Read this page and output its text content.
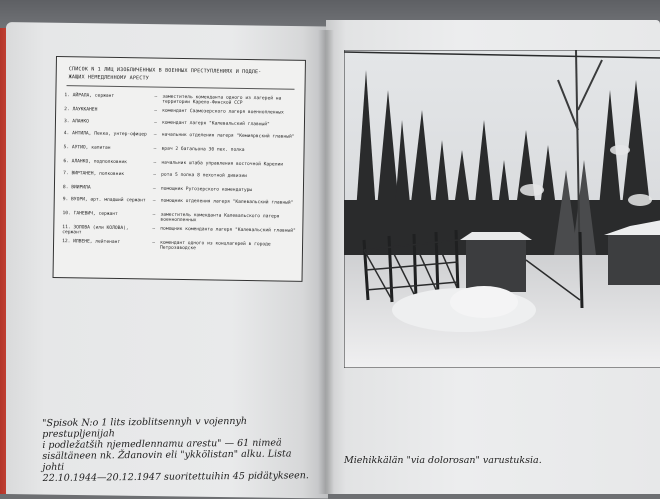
СПИСОК N 1 ЛИЦ ИЗОБЛИЧЕННЫХ В ВОЕННЫХ ПРЕСТУПЛЕНИЯХ И ПОДЛЕ-
ЖАЩИХ НЕМЕДЛЕННОМУ АРЕСТУ
1. АЙРАЛА, сержант	– заместитель коменданта одного из лагерей на территории Карело-Финской ССР
2. ЛАУККАНЕН	– комендант Саамозерского лагеря военнопленных
3. АЛАНКО	– комендант лагеря "Калевальский главный"
4. АНТИЛА, Пекка, унтер-офицер	– начальник отделения лагеря "Кемиярвский главный"
5. АУТИО, капитан	– врач 2 батальона 30 пех. полка
6. АЛАНКО, подполковник	– начальник штаба управления восточной Карелии
7. ВИРТАНЕН, полковник	– рота 5 полка 8 пехотной дивизии
8. ВИИРИЛА	– помощник Ругозерского комендатуры
9. ВУОРИ, арт. младший сержант	– помощник отделения лагеря "Калевальский главный"
10. ГАНЕВИЧ, сержант	– заместитель коменданта Калевальского лагеря военнопленных
11. ЗОЛОВА (или КОЛОВА), сержант
– помощник коменданта лагеря "Калевальский главный"
12. ИЛВЕНЕ, лейтенант	– комендант одного из концлагерей в городе Петрозаводске
"Spisok N:o 1 lits izoblitsennyh v vojennyh prestupljenijah
i podležatših njemedlennamu arestu" — 61 nimeä
sisältäneen nk. Ždanovin eli "ykkölistan" alku. Lista johti
22.10.1944—20.12.1947 suoritettuihin 45 pidätykseen.
Miehikkälän "via dolorosan" varustuksia.
